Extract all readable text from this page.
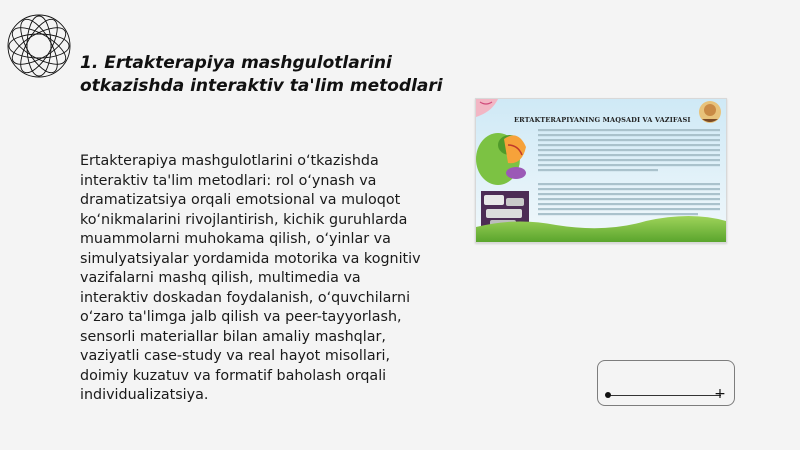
1. Ertakterapiya mashgulotlarini otkazishda interaktiv ta'lim metodlari

Ertakterapiya mashgulotlarini o‘tkazishda interaktiv ta'lim metodlari: rol o‘ynash va dramatizatsiya orqali emotsional va muloqot ko‘nikmalarini rivojlantirish, kichik guruhlarda muammolarni muhokama qilish, o‘yinlar va simulyatsiyalar yordamida motorika va kognitiv vazifalarni mashq qilish, multimedia va interaktiv doskadan foydalanish, o‘quvchilarni o‘zaro ta'limga jalb qilish va peer-tayyorlash, sensorli materiallar bilan amaliy mashqlar, vaziyatli case-study va real hayot misollari, doimiy kuzatuv va formatif baholash orqali individualizatsiya.

ERTAKTERAPIYANING MAQSADI VA VAZIFASI
+
